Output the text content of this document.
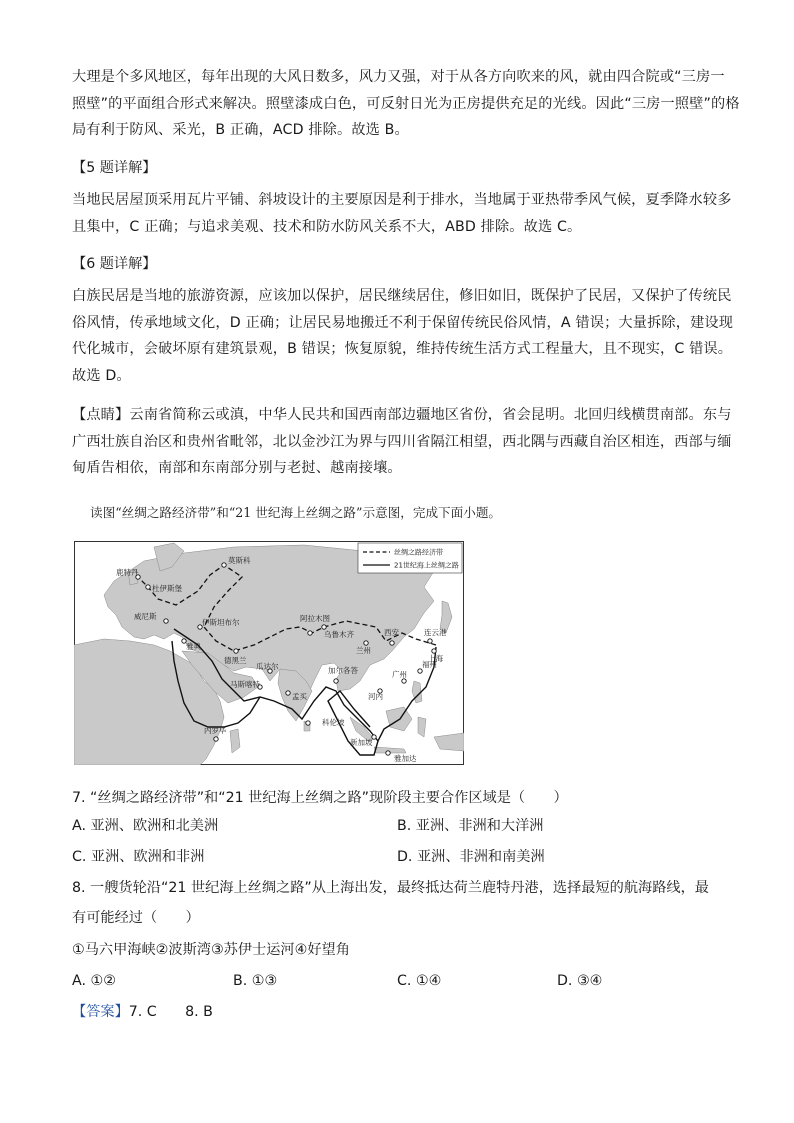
大理是个多风地区，每年出现的大风日数多，风力又强，对于从各方向吹来的风，就由四合院或“三房一
照壁”的平面组合形式来解决。照壁漆成白色，可反射日光为正房提供充足的光线。因此“三房一照壁”的格
局有利于防风、采光，B 正确，ACD 排除。故选 B。
【5 题详解】
当地民居屋顶采用瓦片平铺、斜坡设计的主要原因是利于排水，当地属于亚热带季风气候，夏季降水较多
且集中，C 正确；与追求美观、技术和防水防风关系不大，ABD 排除。故选 C。
【6 题详解】
白族民居是当地的旅游资源，应该加以保护，居民继续居住，修旧如旧，既保护了民居，又保护了传统民
俗风情，传承地域文化，D 正确；让居民易地搬迁不利于保留传统民俗风情，A 错误；大量拆除，建设现
代化城市，会破坏原有建筑景观，B 错误；恢复原貌，维持传统生活方式工程量大，且不现实，C 错误。
故选 D。
【点睛】云南省简称云或滇，中华人民共和国西南部边疆地区省份，省会昆明。北回归线横贯南部。东与
广西壮族自治区和贵州省毗邻，北以金沙江为界与四川省隔江相望，西北隅与西藏自治区相连，西部与缅
甸盾告相依，南部和东南部分别与老挝、越南接壤。
读图“丝绸之路经济带”和“21 世纪海上丝绸之路”示意图，完成下面小题。
丝绸之路经济带
21世纪海上丝绸之路
莫斯科
鹿特丹
杜伊斯堡
威尼斯
伊斯坦布尔
雅典
阿拉木图
乌鲁木齐
德黑兰
瓜达尔
马斯喀特
加尔各答
孟买
兰州
西安	连云港
上海
福州
广州
河内
科伦坡
内罗毕
新加坡
雅加达
7. “丝绸之路经济带”和“21 世纪海上丝绸之路”现阶段主要合作区域是（　　）
A. 亚洲、欧洲和北美洲	B. 亚洲、非洲和大洋洲
C. 亚洲、欧洲和非洲	D. 亚洲、非洲和南美洲
8. 一艘货轮沿“21 世纪海上丝绸之路”从上海出发，最终抵达荷兰鹿特丹港，选择最短的航海路线，最
有可能经过（　　）
①马六甲海峡②波斯湾③苏伊士运河④好望角
A. ①②	B. ①③	C. ①④	D. ③④
【答案】7. C　　8. B
